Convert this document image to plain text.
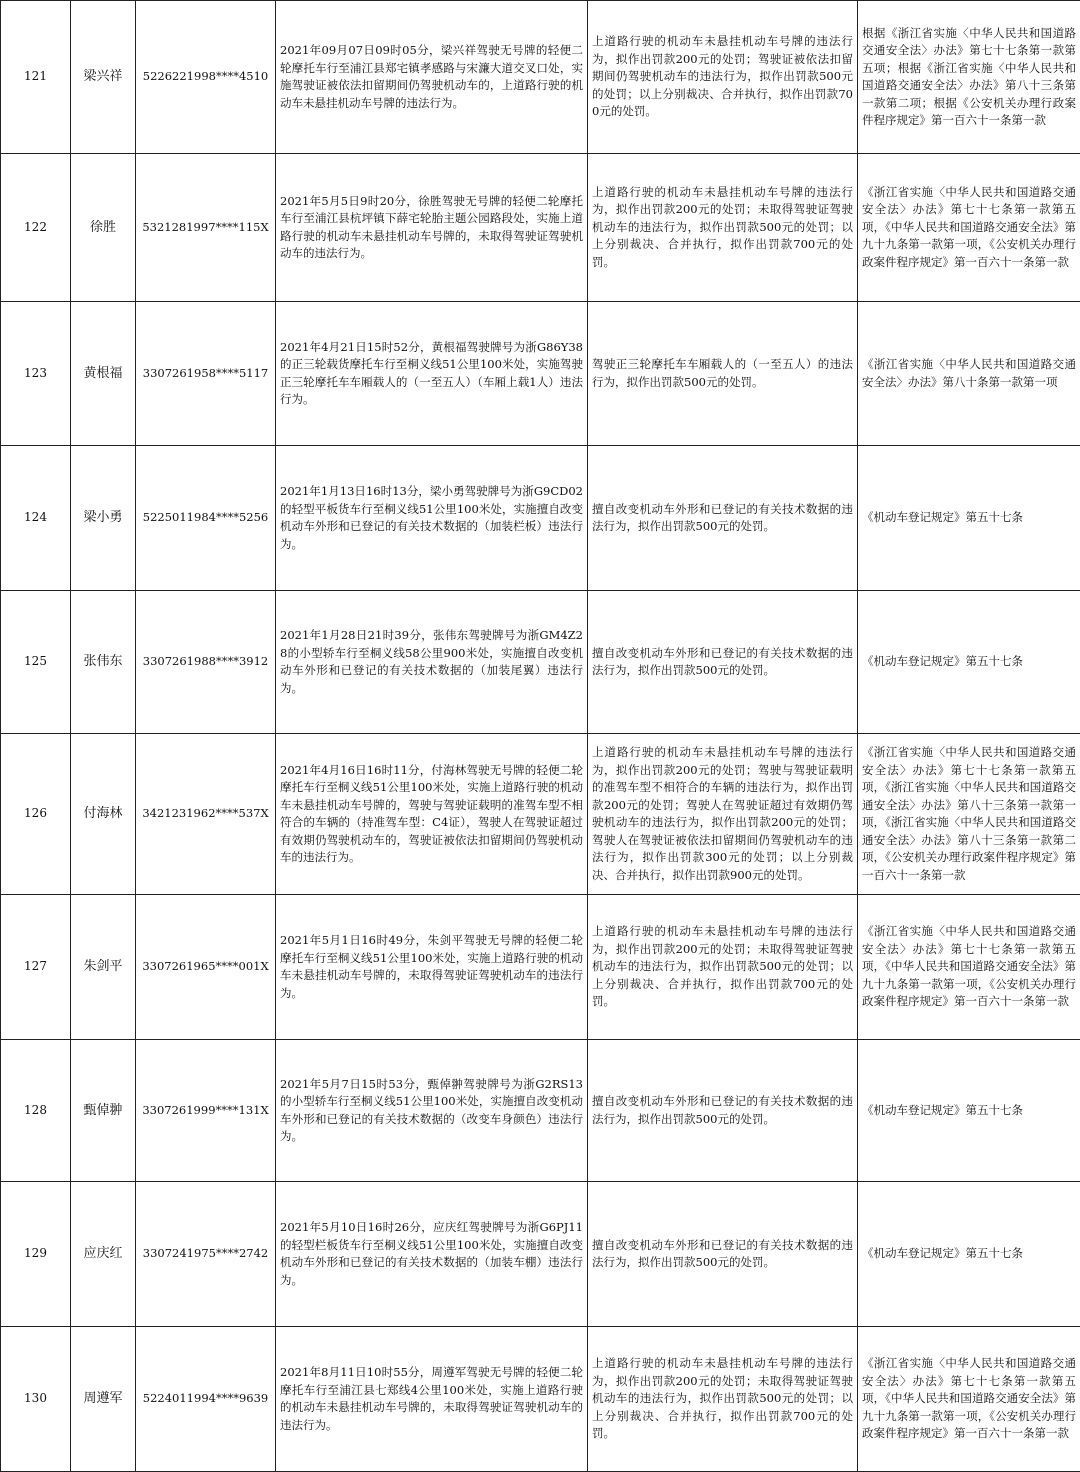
121	梁兴祥	5226221998****4510	2021年09月07日09时05分，梁兴祥驾驶无号牌的轻便二轮摩托车行至浦江县郑宅镇孝感路与宋濂大道交叉口处，实施驾驶证被依法扣留期间仍驾驶机动车的，上道路行驶的机动车未悬挂机动车号牌的违法行为。	上道路行驶的机动车未悬挂机动车号牌的违法行为，拟作出罚款200元的处罚；驾驶证被依法扣留期间仍驾驶机动车的违法行为，拟作出罚款500元的处罚；以上分别裁决、合并执行，拟作出罚款700元的处罚。	根据《浙江省实施〈中华人民共和国道路交通安全法〉办法》第七十七条第一款第五项；根据《浙江省实施〈中华人民共和国道路交通安全法〉办法》第八十三条第一款第二项；根据《公安机关办理行政案件程序规定》第一百六十一条第一款
122	徐胜	5321281997****115X	2021年5月5日9时20分，徐胜驾驶无号牌的轻便二轮摩托车行至浦江县杭坪镇下薛宅轮胎主题公园路段处，实施上道路行驶的机动车未悬挂机动车号牌的，未取得驾驶证驾驶机动车的违法行为。	上道路行驶的机动车未悬挂机动车号牌的违法行为，拟作出罚款200元的处罚；未取得驾驶证驾驶机动车的违法行为，拟作出罚款500元的处罚；以上分别裁决、合并执行，拟作出罚款700元的处罚。	《浙江省实施〈中华人民共和国道路交通安全法〉办法》第七十七条第一款第五项，《中华人民共和国道路交通安全法》第九十九条第一款第一项，《公安机关办理行政案件程序规定》第一百六十一条第一款
123	黄根福	3307261958****5117	2021年4月21日15时52分，黄根福驾驶牌号为浙G86Y38的正三轮载货摩托车行至桐义线51公里100米处，实施驾驶正三轮摩托车车厢载人的（一至五人）（车厢上载1人）违法行为。	驾驶正三轮摩托车车厢载人的（一至五人）的违法行为，拟作出罚款500元的处罚。	《浙江省实施〈中华人民共和国道路交通安全法〉办法》第八十条第一款第一项
124	梁小勇	5225011984****5256	2021年1月13日16时13分，梁小勇驾驶牌号为浙G9CD02的轻型平板货车行至桐义线51公里100米处，实施擅自改变机动车外形和已登记的有关技术数据的（加装栏板）违法行为。	擅自改变机动车外形和已登记的有关技术数据的违法行为，拟作出罚款500元的处罚。	《机动车登记规定》第五十七条
125	张伟东	3307261988****3912	2021年1月28日21时39分，张伟东驾驶牌号为浙GM4Z28的小型轿车行至桐义线58公里900米处，实施擅自改变机动车外形和已登记的有关技术数据的（加装尾翼）违法行为。	擅自改变机动车外形和已登记的有关技术数据的违法行为，拟作出罚款500元的处罚。	《机动车登记规定》第五十七条
126	付海林	3421231962****537X	2021年4月16日16时11分，付海林驾驶无号牌的轻便二轮摩托车行至桐义线51公里100米处，实施上道路行驶的机动车未悬挂机动车号牌的，驾驶与驾驶证载明的准驾车型不相符合的车辆的（持准驾车型：C4证），驾驶人在驾驶证超过有效期仍驾驶机动车的，驾驶证被依法扣留期间仍驾驶机动车的违法行为。	上道路行驶的机动车未悬挂机动车号牌的违法行为，拟作出罚款200元的处罚；驾驶与驾驶证载明的准驾车型不相符合的车辆的违法行为，拟作出罚款200元的处罚；驾驶人在驾驶证超过有效期仍驾驶机动车的违法行为，拟作出罚款200元的处罚；驾驶人在驾驶证被依法扣留期间仍驾驶机动车的违法行为，拟作出罚款300元的处罚；以上分别裁决、合并执行，拟作出罚款900元的处罚。	《浙江省实施〈中华人民共和国道路交通安全法〉办法》第七十七条第一款第五项，《浙江省实施〈中华人民共和国道路交通安全法〉办法》第八十三条第一款第一项，《浙江省实施〈中华人民共和国道路交通安全法〉办法》第八十三条第一款第二项，《公安机关办理行政案件程序规定》第一百六十一条第一款
127	朱剑平	3307261965****001X	2021年5月1日16时49分，朱剑平驾驶无号牌的轻便二轮摩托车行至桐义线51公里100米处，实施上道路行驶的机动车未悬挂机动车号牌的，未取得驾驶证驾驶机动车的违法行为。	上道路行驶的机动车未悬挂机动车号牌的违法行为，拟作出罚款200元的处罚；未取得驾驶证驾驶机动车的违法行为，拟作出罚款500元的处罚；以上分别裁决、合并执行，拟作出罚款700元的处罚。	《浙江省实施〈中华人民共和国道路交通安全法〉办法》第七十七条第一款第五项，《中华人民共和国道路交通安全法》第九十九条第一款第一项，《公安机关办理行政案件程序规定》第一百六十一条第一款
128	甄倬翀	3307261999****131X	2021年5月7日15时53分，甄倬翀驾驶牌号为浙G2RS13的小型轿车行至桐义线51公里100米处，实施擅自改变机动车外形和已登记的有关技术数据的（改变车身颜色）违法行为。	擅自改变机动车外形和已登记的有关技术数据的违法行为，拟作出罚款500元的处罚。	《机动车登记规定》第五十七条
129	应庆红	3307241975****2742	2021年5月10日16时26分，应庆红驾驶牌号为浙G6PJ11的轻型栏板货车行至桐义线51公里100米处，实施擅自改变机动车外形和已登记的有关技术数据的（加装车棚）违法行为。	擅自改变机动车外形和已登记的有关技术数据的违法行为，拟作出罚款500元的处罚。	《机动车登记规定》第五十七条
130	周遵军	5224011994****9639	2021年8月11日10时55分，周遵军驾驶无号牌的轻便二轮摩托车行至浦江县七郑线4公里100米处，实施上道路行驶的机动车未悬挂机动车号牌的，未取得驾驶证驾驶机动车的违法行为。	上道路行驶的机动车未悬挂机动车号牌的违法行为，拟作出罚款200元的处罚；未取得驾驶证驾驶机动车的违法行为，拟作出罚款500元的处罚；以上分别裁决、合并执行，拟作出罚款700元的处罚。	《浙江省实施〈中华人民共和国道路交通安全法〉办法》第七十七条第一款第五项，《中华人民共和国道路交通安全法》第九十九条第一款第一项，《公安机关办理行政案件程序规定》第一百六十一条第一款
